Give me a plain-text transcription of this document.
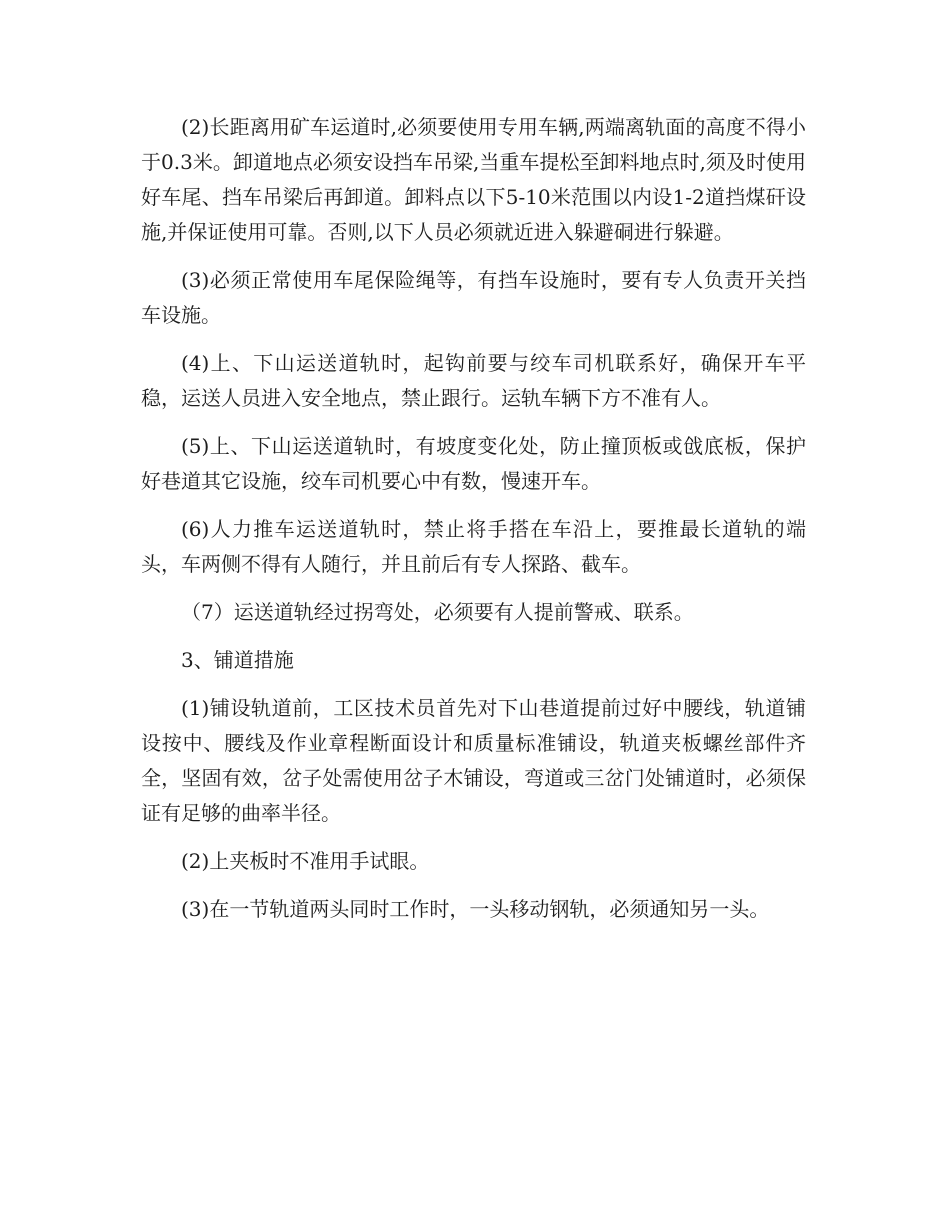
(2)长距离用矿车运道时,必须要使用专用车辆,两端离轨面的高度不得小于0.3米。卸道地点必须安设挡车吊梁,当重车提松至卸料地点时,须及时使用好车尾、挡车吊梁后再卸道。卸料点以下5-10米范围以内设1-2道挡煤矸设施,并保证使用可靠。否则,以下人员必须就近进入躲避硐进行躲避。

(3)必须正常使用车尾保险绳等，有挡车设施时，要有专人负责开关挡车设施。

(4)上、下山运送道轨时，起钩前要与绞车司机联系好，确保开车平稳，运送人员进入安全地点，禁止跟行。运轨车辆下方不准有人。

(5)上、下山运送道轨时，有坡度变化处，防止撞顶板或戗底板，保护好巷道其它设施，绞车司机要心中有数，慢速开车。

(6)人力推车运送道轨时，禁止将手搭在车沿上，要推最长道轨的端头，车两侧不得有人随行，并且前后有专人探路、截车。

（7）运送道轨经过拐弯处，必须要有人提前警戒、联系。

3、铺道措施

(1)铺设轨道前，工区技术员首先对下山巷道提前过好中腰线，轨道铺设按中、腰线及作业章程断面设计和质量标准铺设，轨道夹板螺丝部件齐全，坚固有效，岔子处需使用岔子木铺设，弯道或三岔门处铺道时，必须保证有足够的曲率半径。

(2)上夹板时不准用手试眼。

(3)在一节轨道两头同时工作时，一头移动钢轨，必须通知另一头。
